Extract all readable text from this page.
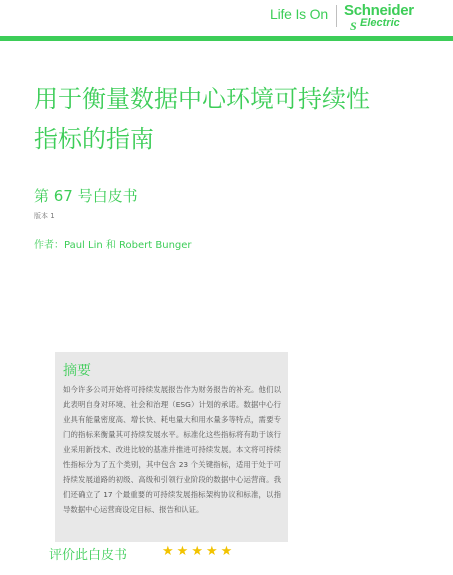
Life Is On Schneider
S Electric
用于衡量数据中心环境可持续性
指标的指南
第 67 号白皮书
版本 1
作者：Paul Lin 和 Robert Bunger
摘要
如今许多公司开始将可持续发展报告作为财务报告的补充。他们以此表明自身对环境、社会和治理（ESG）计划的承诺。数据中心行业具有能量密度高、增长快、耗电量大和用水量多等特点，需要专门的指标来衡量其可持续发展水平。标准化这些指标将有助于该行业采用新技术、改进比较的基准并推进可持续发展。本文将可持续性指标分为了五个类别，其中包含 23 个关键指标，适用于处于可持续发展道路的初级、高级和引领行业阶段的数据中心运营商。我们还确立了 17 个最重要的可持续发展指标架构协议和标准，以指导数据中心运营商设定目标、报告和认证。
评价此白皮书	★ ★ ★ ★ ★
